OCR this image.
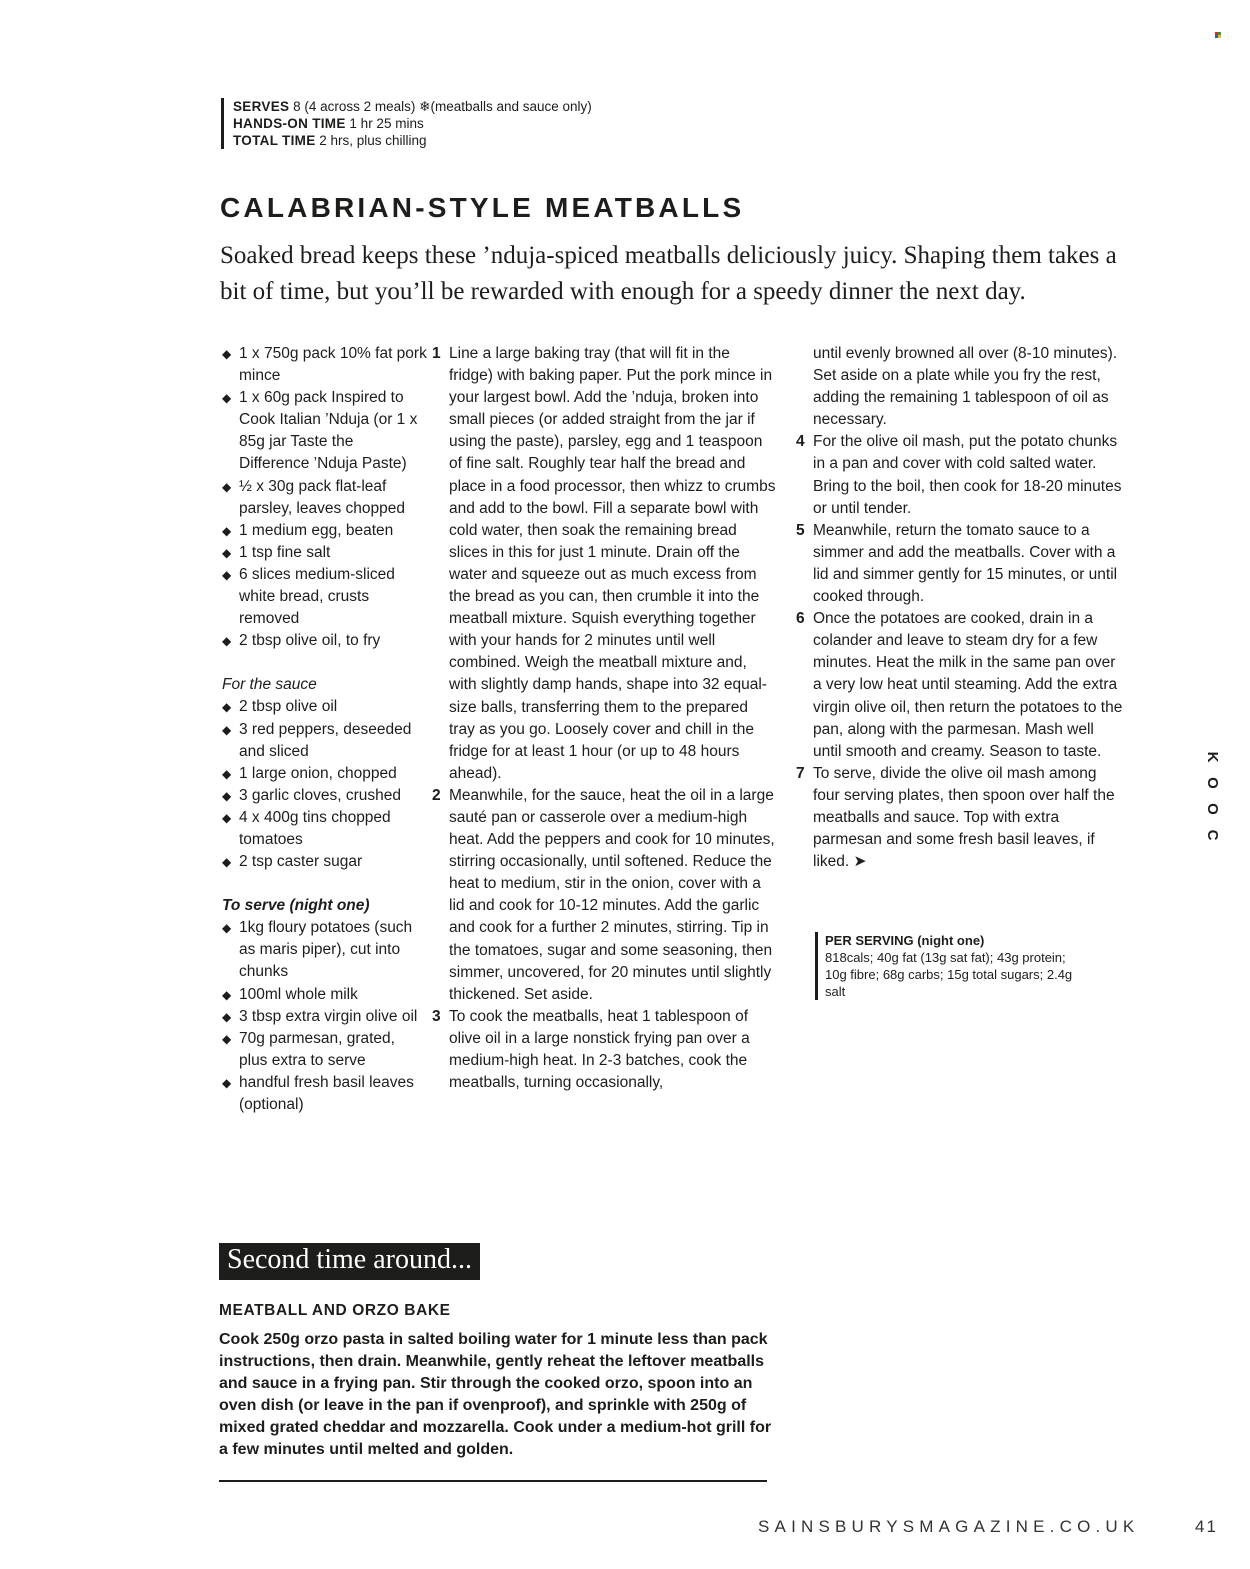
SERVES 8 (4 across 2 meals) ❄(meatballs and sauce only)
HANDS-ON TIME 1 hr 25 mins
TOTAL TIME 2 hrs, plus chilling
CALABRIAN-STYLE MEATBALLS

Soaked bread keeps these ’nduja-spiced meatballs deliciously juicy. Shaping them takes a bit of time, but you’ll be rewarded with enough for a speedy dinner the next day.

◆ 1 x 750g pack 10% fat pork mince
◆ 1 x 60g pack Inspired to Cook Italian ’Nduja (or 1 x 85g jar Taste the Difference ’Nduja Paste)
◆ ½ x 30g pack flat-leaf parsley, leaves chopped
◆ 1 medium egg, beaten
◆ 1 tsp fine salt
◆ 6 slices medium-sliced white bread, crusts removed
◆ 2 tbsp olive oil, to fry
For the sauce
◆ 2 tbsp olive oil
◆ 3 red peppers, deseeded and sliced
◆ 1 large onion, chopped
◆ 3 garlic cloves, crushed
◆ 4 x 400g tins chopped tomatoes
◆ 2 tsp caster sugar
To serve (night one)
◆ 1kg floury potatoes (such as maris piper), cut into chunks
◆ 100ml whole milk
◆ 3 tbsp extra virgin olive oil
◆ 70g parmesan, grated, plus extra to serve
◆ handful fresh basil leaves (optional)
1 Line a large baking tray (that will fit in the fridge) with baking paper. Put the pork mince in your largest bowl. Add the ’nduja, broken into small pieces (or added straight from the jar if using the paste), parsley, egg and 1 teaspoon of fine salt. Roughly tear half the bread and place in a food processor, then whizz to crumbs and add to the bowl. Fill a separate bowl with cold water, then soak the remaining bread slices in this for just 1 minute. Drain off the water and squeeze out as much excess from the bread as you can, then crumble it into the meatball mixture. Squish everything together with your hands for 2 minutes until well combined. Weigh the meatball mixture and, with slightly damp hands, shape into 32 equal-size balls, transferring them to the prepared tray as you go. Loosely cover and chill in the fridge for at least 1 hour (or up to 48 hours ahead).
2 Meanwhile, for the sauce, heat the oil in a large sauté pan or casserole over a medium-high heat. Add the peppers and cook for 10 minutes, stirring occasionally, until softened. Reduce the heat to medium, stir in the onion, cover with a lid and cook for 10-12 minutes. Add the garlic and cook for a further 2 minutes, stirring. Tip in the tomatoes, sugar and some seasoning, then simmer, uncovered, for 20 minutes until slightly thickened. Set aside.
3 To cook the meatballs, heat 1 tablespoon of olive oil in a large nonstick frying pan over a medium-high heat. In 2-3 batches, cook the meatballs, turning occasionally,
until evenly browned all over (8-10 minutes). Set aside on a plate while you fry the rest, adding the remaining 1 tablespoon of oil as necessary.
4 For the olive oil mash, put the potato chunks in a pan and cover with cold salted water. Bring to the boil, then cook for 18-20 minutes or until tender.
5 Meanwhile, return the tomato sauce to a simmer and add the meatballs. Cover with a lid and simmer gently for 15 minutes, or until cooked through.
6 Once the potatoes are cooked, drain in a colander and leave to steam dry for a few minutes. Heat the milk in the same pan over a very low heat until steaming. Add the extra virgin olive oil, then return the potatoes to the pan, along with the parmesan. Mash well until smooth and creamy. Season to taste.
7 To serve, divide the olive oil mash among four serving plates, then spoon over half the meatballs and sauce. Top with extra parmesan and some fresh basil leaves, if liked. ➤
PER SERVING (night one)
818cals; 40g fat (13g sat fat); 43g protein; 10g fibre; 68g carbs; 15g total sugars; 2.4g salt
K
O
O
C
Second time around...
MEATBALL AND ORZO BAKE

Cook 250g orzo pasta in salted boiling water for 1 minute less than pack instructions, then drain. Meanwhile, gently reheat the leftover meatballs and sauce in a frying pan. Stir through the cooked orzo, spoon into an oven dish (or leave in the pan if ovenproof), and sprinkle with 250g of mixed grated cheddar and mozzarella. Cook under a medium-hot grill for a few minutes until melted and golden.

SAINSBURYSMAGAZINE.CO.UK	41
